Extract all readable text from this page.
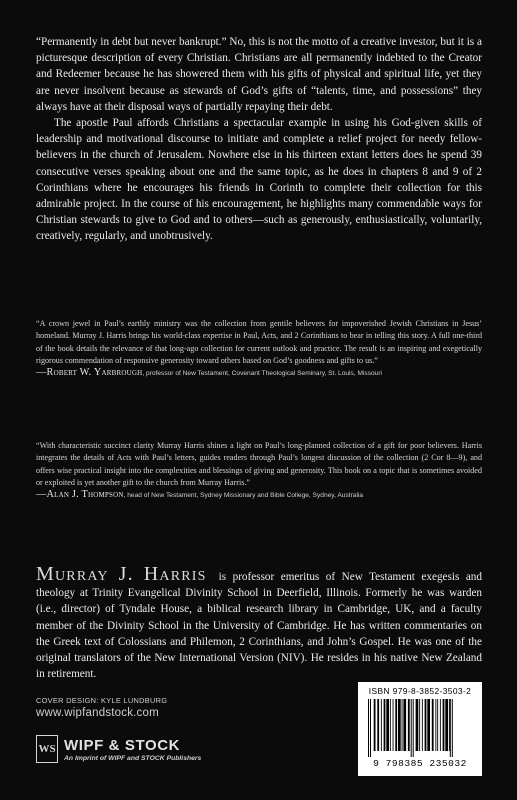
“Permanently in debt but never bankrupt.” No, this is not the motto of a creative investor, but it is a picturesque description of every Christian. Christians are all permanently indebted to the Creator and Redeemer because he has showered them with his gifts of physical and spiritual life, yet they are never insolvent because as stewards of God’s gifts of “talents, time, and possessions” they always have at their disposal ways of partially repaying their debt.

The apostle Paul affords Christians a spectacular example in using his God-given skills of leadership and motivational discourse to initiate and complete a relief project for needy fellow-believers in the church of Jerusalem. Nowhere else in his thirteen extant letters does he spend 39 consecutive verses speaking about one and the same topic, as he does in chapters 8 and 9 of 2 Corinthians where he encourages his friends in Corinth to complete their collection for this admirable project. In the course of his encouragement, he highlights many commendable ways for Christian stewards to give to God and to others—such as generously, enthusiastically, voluntarily, creatively, regularly, and unobtrusively.

“A crown jewel in Paul’s earthly ministry was the collection from gentile believers for impoverished Jewish Christians in Jesus’ homeland. Murray J. Harris brings his world-class expertise in Paul, Acts, and 2 Corinthians to bear in telling this story. A full one-third of the book details the relevance of that long-ago collection for current outlook and practice. The result is an inspiring and exegetically rigorous commendation of responsive generosity toward others based on God’s goodness and gifts to us.”
—Robert W. Yarbrough, professor of New Testament, Covenant Theological Seminary, St. Louis, Missouri
“With characteristic succinct clarity Murray Harris shines a light on Paul’s long-planned collection of a gift for poor believers. Harris integrates the details of Acts with Paul’s letters, guides readers through Paul’s longest discussion of the collection (2 Cor 8—9), and offers wise practical insight into the complexities and blessings of giving and generosity. This book on a topic that is sometimes avoided or exploited is yet another gift to the church from Murray Harris.”
—Alan J. Thompson, head of New Testament, Sydney Missionary and Bible College, Sydney, Australia
Murray J. Harris is professor emeritus of New Testament exegesis and theology at Trinity Evangelical Divinity School in Deerfield, Illinois. Formerly he was warden (i.e., director) of Tyndale House, a biblical research library in Cambridge, UK, and a faculty member of the Divinity School in the University of Cambridge. He has written commentaries on the Greek text of Colossians and Philemon, 2 Corinthians, and John’s Gospel. He was one of the original translators of the New International Version (NIV). He resides in his native New Zealand in retirement.
COVER DESIGN: KYLE LUNDBURG
www.wipfandstock.com
WS WIPF & STOCK
An Imprint of WIPF and STOCK Publishers
ISBN 979-8-3852-3503-2
9 798385 235032
